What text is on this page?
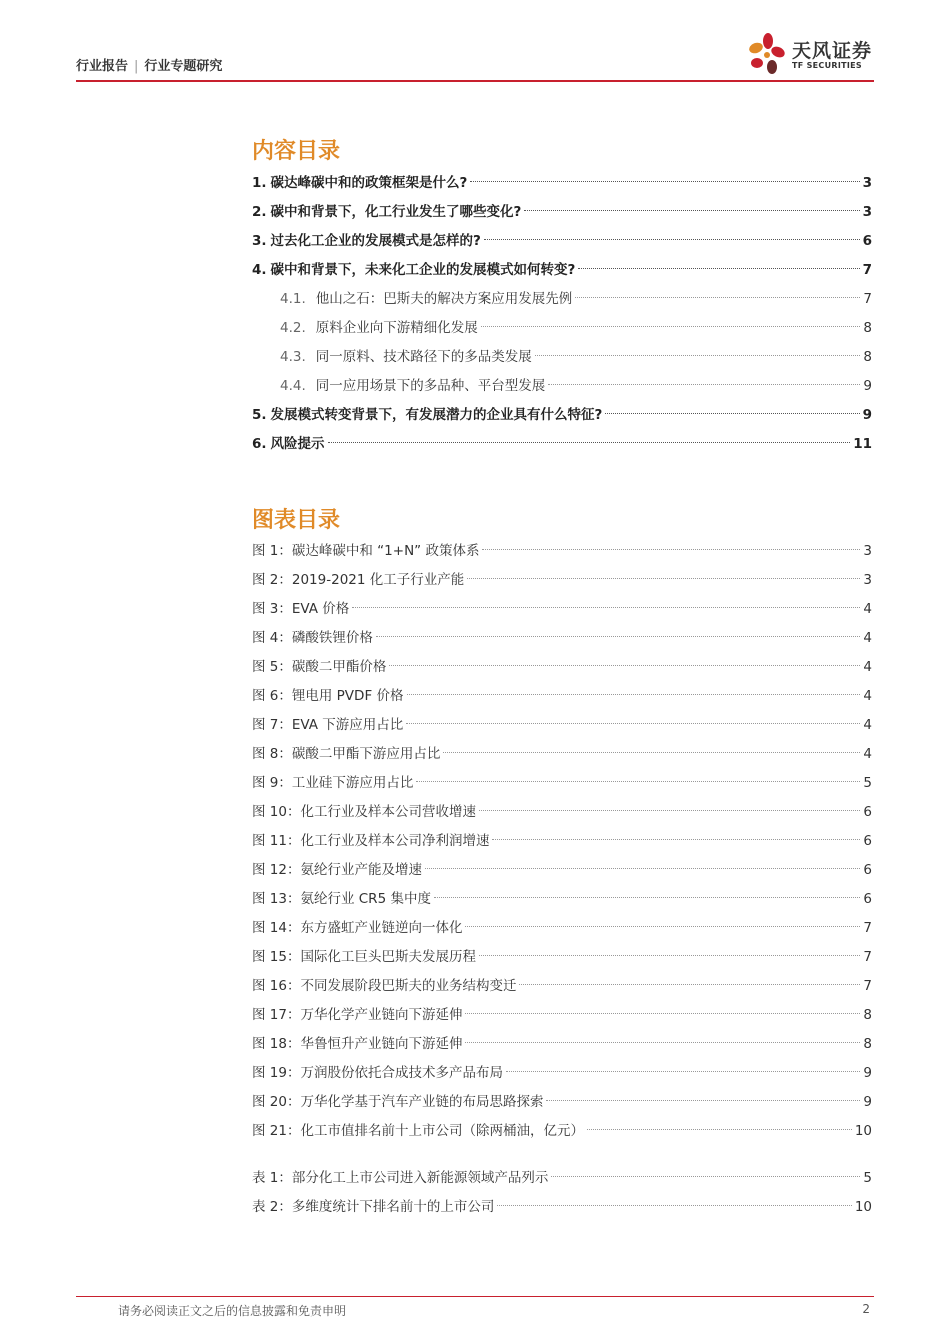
行业报告 | 行业专题研究
天风证券
TF SECURITIES
内容目录
1. 碳达峰碳中和的政策框架是什么?	3
2. 碳中和背景下，化工行业发生了哪些变化?	3
3. 过去化工企业的发展模式是怎样的?	6
4. 碳中和背景下，未来化工企业的发展模式如何转变?	7
4.1. 他山之石：巴斯夫的解决方案应用发展先例	7
4.2. 原料企业向下游精细化发展	8
4.3. 同一原料、技术路径下的多品类发展	8
4.4. 同一应用场景下的多品种、平台型发展	9
5. 发展模式转变背景下，有发展潜力的企业具有什么特征?	9
6. 风险提示	11
图表目录
图 1：碳达峰碳中和 “1+N” 政策体系	3
图 2：2019-2021 化工子行业产能	3
图 3：EVA 价格	4
图 4：磷酸铁锂价格	4
图 5：碳酸二甲酯价格	4
图 6：锂电用 PVDF 价格	4
图 7：EVA 下游应用占比	4
图 8：碳酸二甲酯下游应用占比	4
图 9：工业硅下游应用占比	5
图 10：化工行业及样本公司营收增速	6
图 11：化工行业及样本公司净利润增速	6
图 12：氨纶行业产能及增速	6
图 13：氨纶行业 CR5 集中度	6
图 14：东方盛虹产业链逆向一体化	7
图 15：国际化工巨头巴斯夫发展历程	7
图 16：不同发展阶段巴斯夫的业务结构变迁	7
图 17：万华化学产业链向下游延伸	8
图 18：华鲁恒升产业链向下游延伸	8
图 19：万润股份依托合成技术多产品布局	9
图 20：万华化学基于汽车产业链的布局思路探索	9
图 21：化工市值排名前十上市公司（除两桶油，亿元）	10
表 1：部分化工上市公司进入新能源领域产品列示	5
表 2：多维度统计下排名前十的上市公司	10
请务必阅读正文之后的信息披露和免责申明	2
